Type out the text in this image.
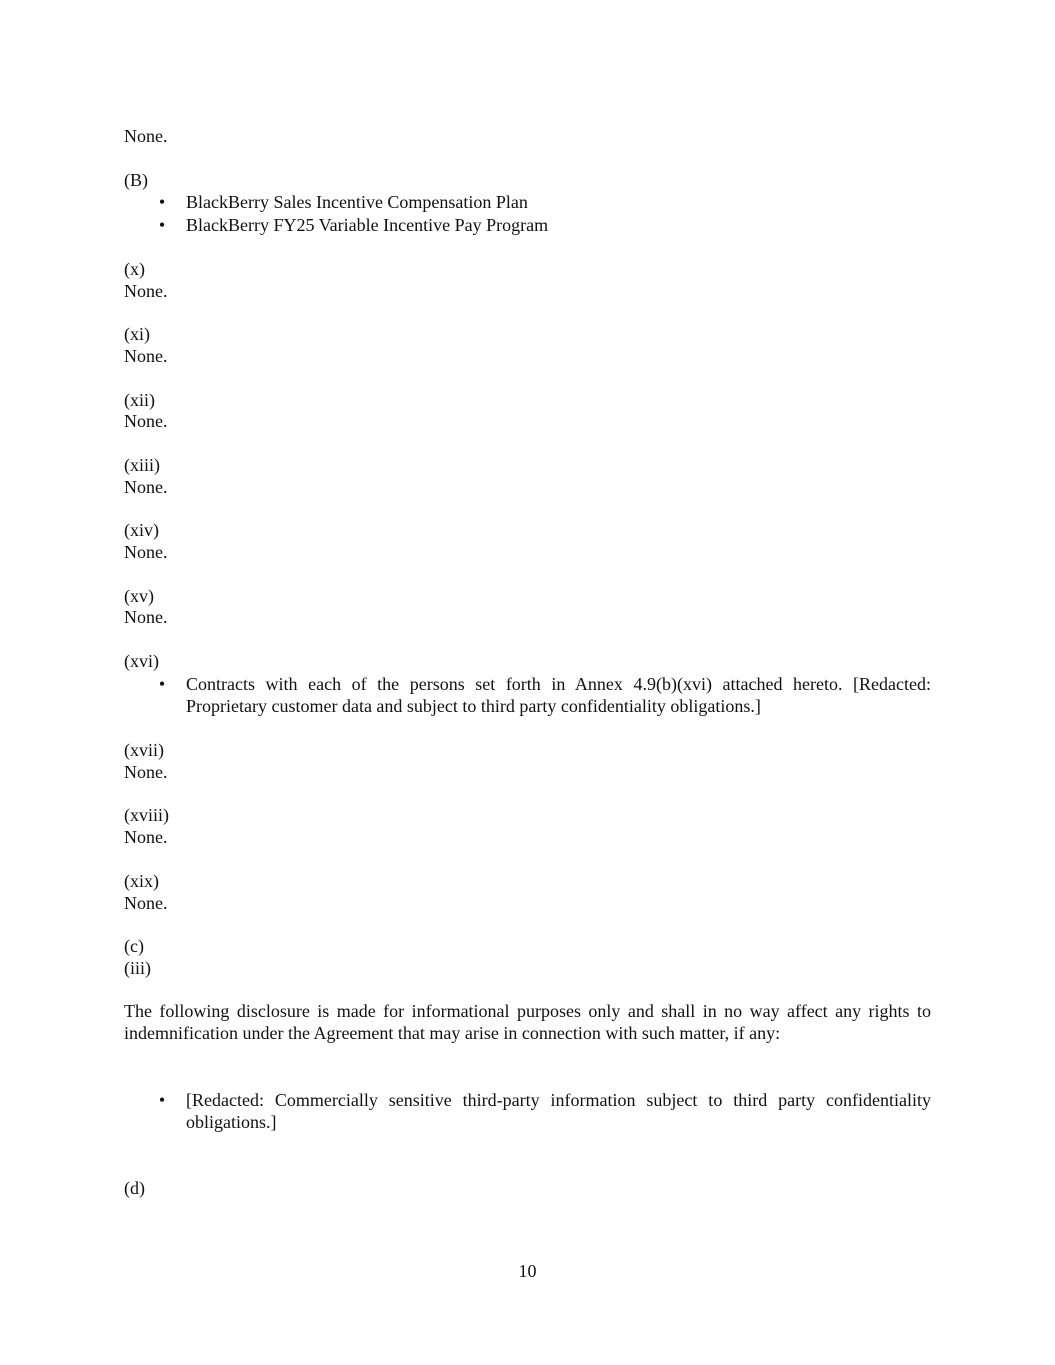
None.
(B)
•	BlackBerry Sales Incentive Compensation Plan
•	BlackBerry FY25 Variable Incentive Pay Program
(x)
None.
(xi)
None.
(xii)
None.
(xiii)
None.
(xiv)
None.
(xv)
None.
(xvi)
•	Contracts with each of the persons set forth in Annex 4.9(b)(xvi) attached hereto. [Redacted: Proprietary customer data and subject to third party confidentiality obligations.]
(xvii)
None.
(xviii)
None.
(xix)
None.
(c)
(iii)
The following disclosure is made for informational purposes only and shall in no way affect any rights to indemnification under the Agreement that may arise in connection with such matter, if any:
•	[Redacted: Commercially sensitive third-party information subject to third party confidentiality obligations.]
(d)
10
